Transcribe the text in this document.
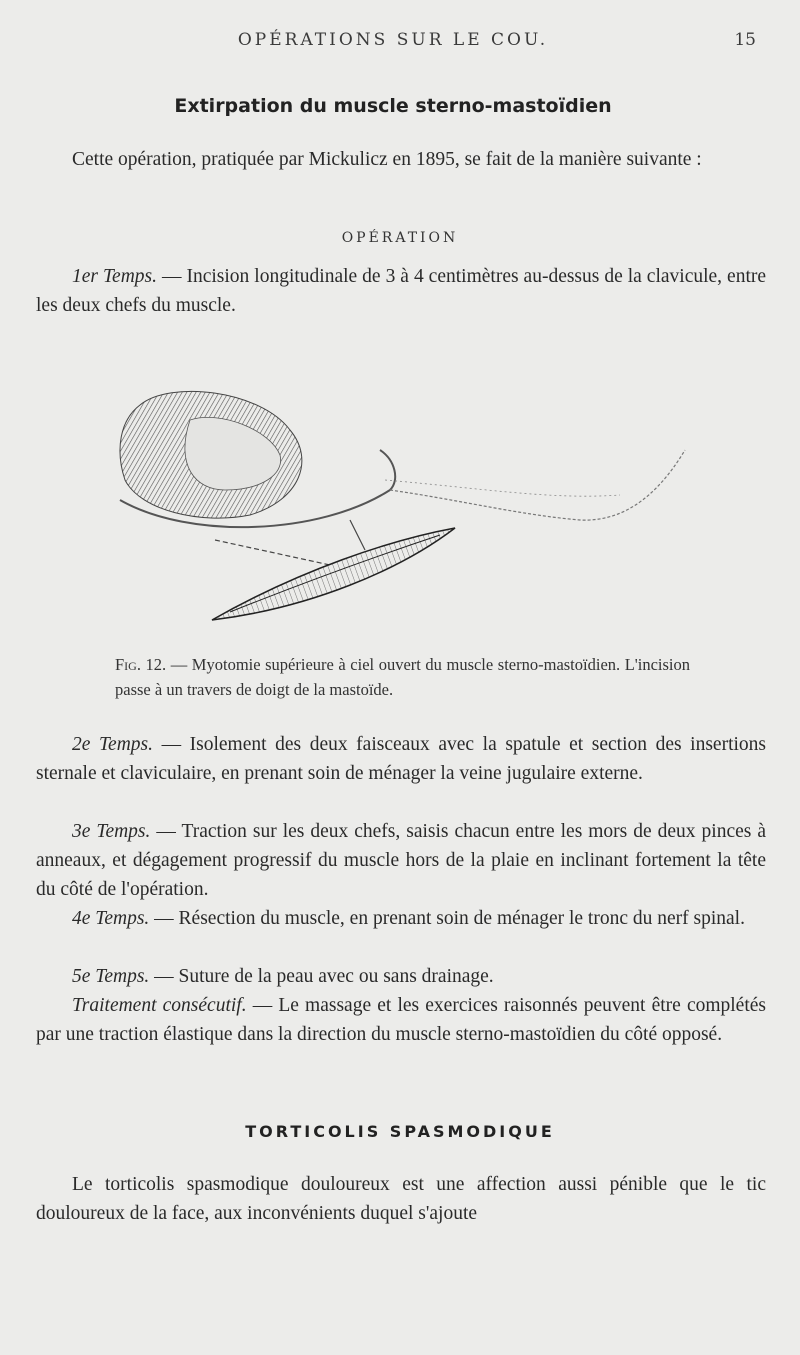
OPÉRATIONS SUR LE COU.	15
Extirpation du muscle sterno-mastoïdien
Cette opération, pratiquée par Mickulicz en 1895, se fait de la manière suivante :
OPÉRATION
1er Temps. — Incision longitudinale de 3 à 4 centimètres au-dessus de la clavicule, entre les deux chefs du muscle.
Fig. 12. — Myotomie supérieure à ciel ouvert du muscle sterno-mastoïdien. L'incision passe à un travers de doigt de la mastoïde.
2e Temps. — Isolement des deux faisceaux avec la spatule et section des insertions sternale et claviculaire, en prenant soin de ménager la veine jugulaire externe.
3e Temps. — Traction sur les deux chefs, saisis chacun entre les mors de deux pinces à anneaux, et dégagement progressif du muscle hors de la plaie en inclinant fortement la tête du côté de l'opération.
4e Temps. — Résection du muscle, en prenant soin de ménager le tronc du nerf spinal.
5e Temps. — Suture de la peau avec ou sans drainage.
Traitement consécutif. — Le massage et les exercices raisonnés peuvent être complétés par une traction élastique dans la direction du muscle sterno-mastoïdien du côté opposé.
TORTICOLIS SPASMODIQUE
Le torticolis spasmodique douloureux est une affection aussi pénible que le tic douloureux de la face, aux inconvénients duquel s'ajoute
